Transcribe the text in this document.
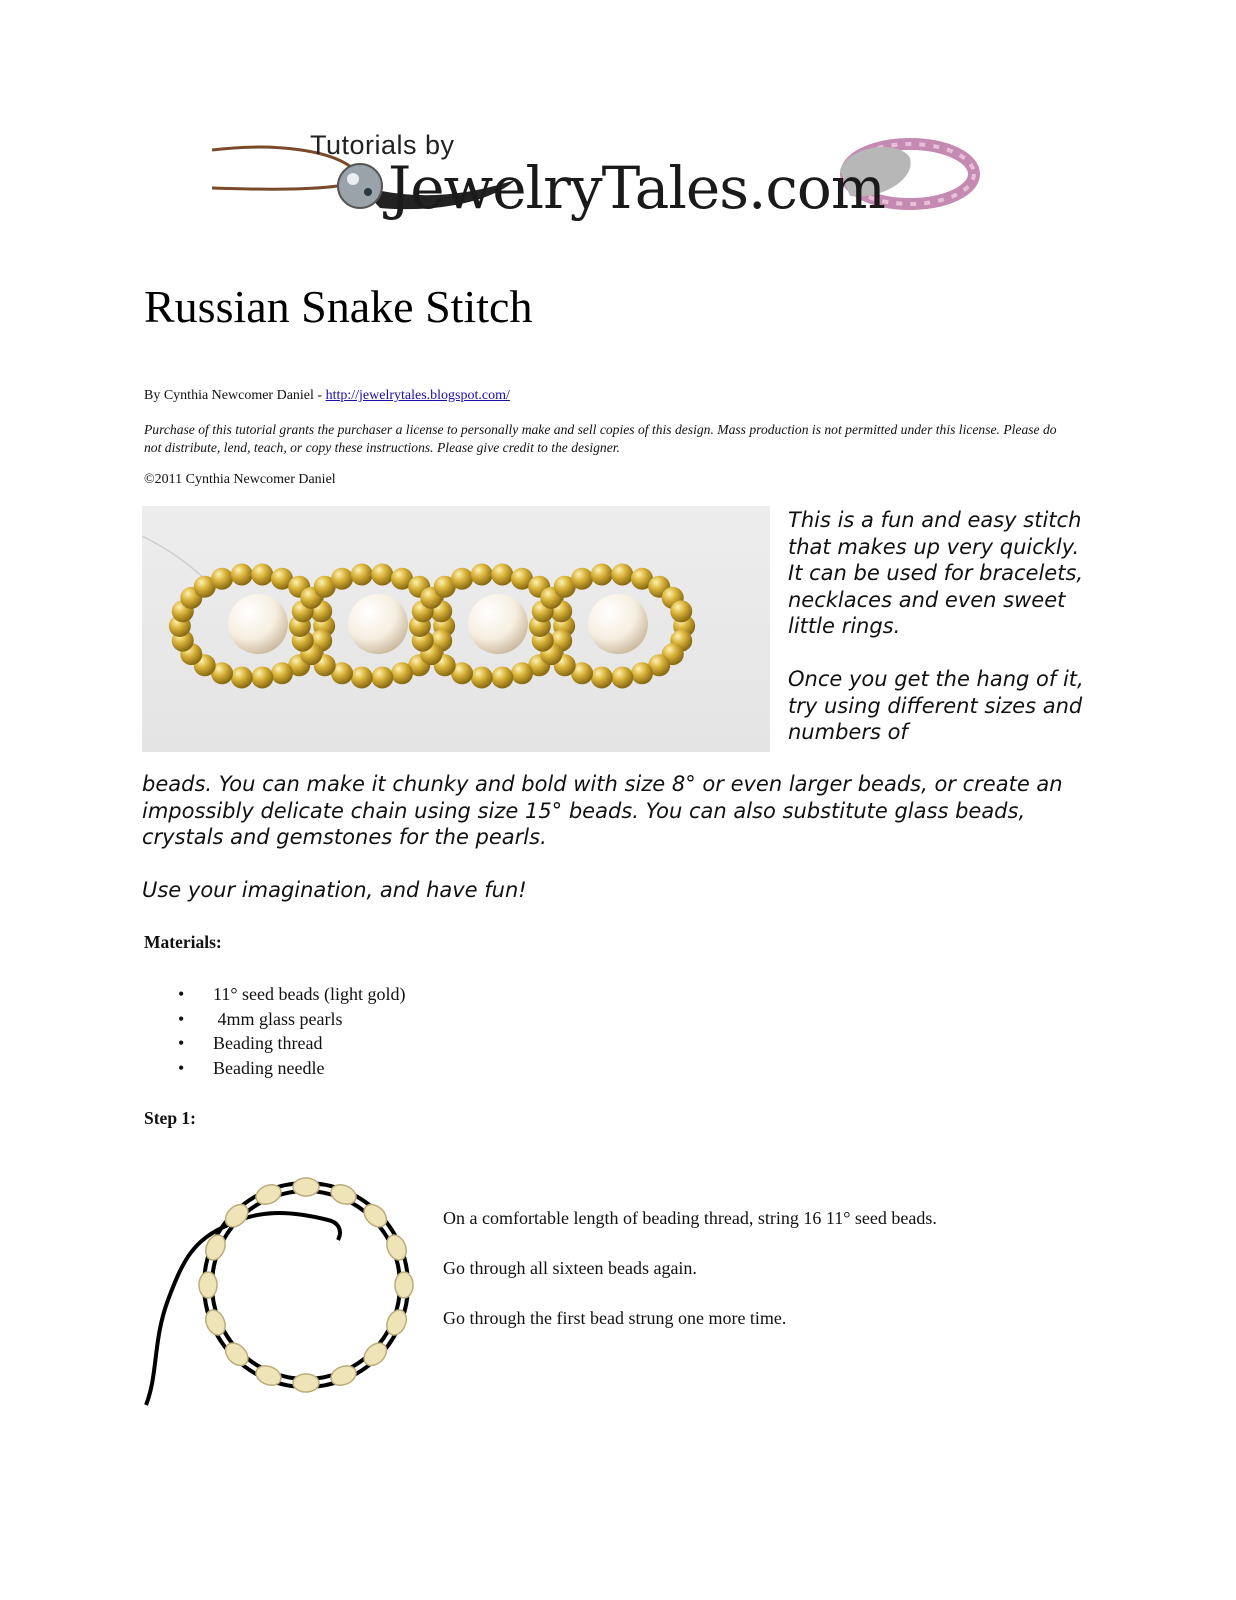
Tutorials by
JewelryTales.com
Russian Snake Stitch
By Cynthia Newcomer Daniel - http://jewelrytales.blogspot.com/
Purchase of this tutorial grants the purchaser a license to personally make and sell copies of this design. Mass production is not permitted under this license. Please do not distribute, lend, teach, or copy these instructions. Please give credit to the designer.
©2011 Cynthia Newcomer Daniel

This is a fun and easy stitch that makes up very quickly. It can be used for bracelets, necklaces and even sweet little rings.

Once you get the hang of it, try using different sizes and numbers of

beads. You can make it chunky and bold with size 8° or even larger beads, or create an impossibly delicate chain using size 15° beads. You can also substitute glass beads, crystals and gemstones for the pearls.

Use your imagination, and have fun!

Materials:
• 11° seed beads (light gold)
•  4mm glass pearls
• Beading thread
• Beading needle
Step 1:

On a comfortable length of beading thread, string 16 11° seed beads.

Go through all sixteen beads again.

Go through the first bead strung one more time.
